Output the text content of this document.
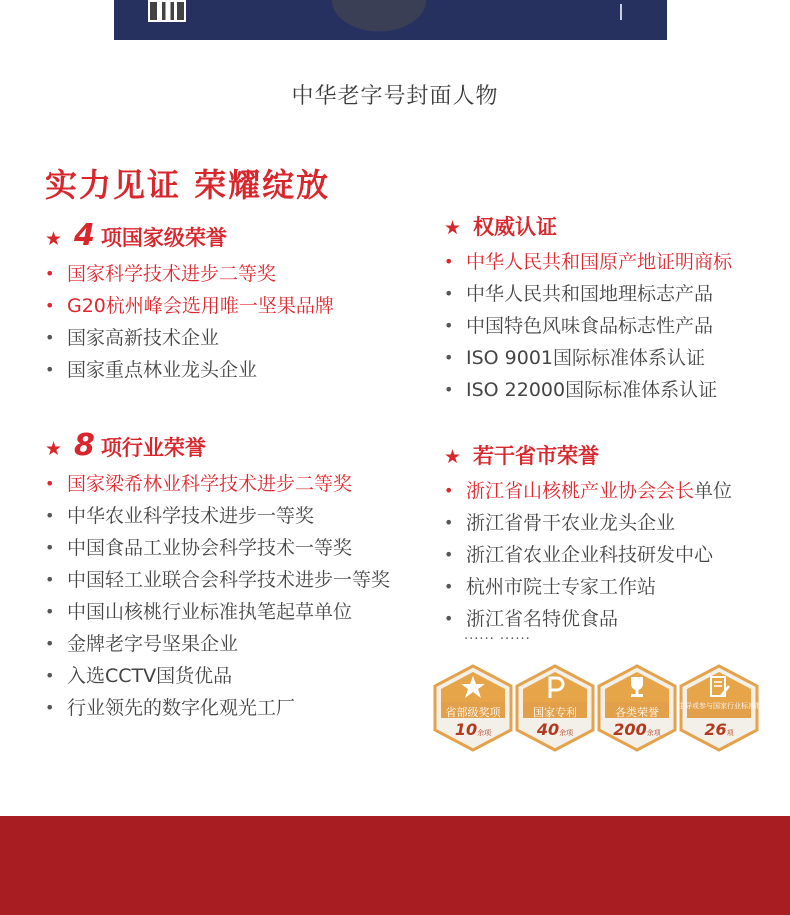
中华老字号封面人物
实力见证 荣耀绽放
★ 4 项国家级荣誉
• 国家科学技术进步二等奖
• G20杭州峰会选用唯一坚果品牌
• 国家高新技术企业
• 国家重点林业龙头企业
★ 8 项行业荣誉
• 国家梁希林业科学技术进步二等奖
• 中华农业科学技术进步一等奖
• 中国食品工业协会科学技术一等奖
• 中国轻工业联合会科学技术进步一等奖
• 中国山核桃行业标准执笔起草单位
• 金牌老字号坚果企业
• 入选CCTV国货优品
• 行业领先的数字化观光工厂
★ 权威认证
• 中华人民共和国原产地证明商标
• 中华人民共和国地理标志产品
• 中国特色风味食品标志性产品
• ISO 9001国际标准体系认证
• ISO 22000国际标准体系认证
★ 若干省市荣誉
• 浙江省山核桃产业协会会长单位
• 浙江省骨干农业龙头企业
• 浙江省农业企业科技研发中心
• 杭州市院士专家工作站
• 浙江省名特优食品
...... ......
省部级奖项
10余项
国家专利
40余项
各类荣誉
200余项
主导或参与国家行业标准制(修)订
26项
